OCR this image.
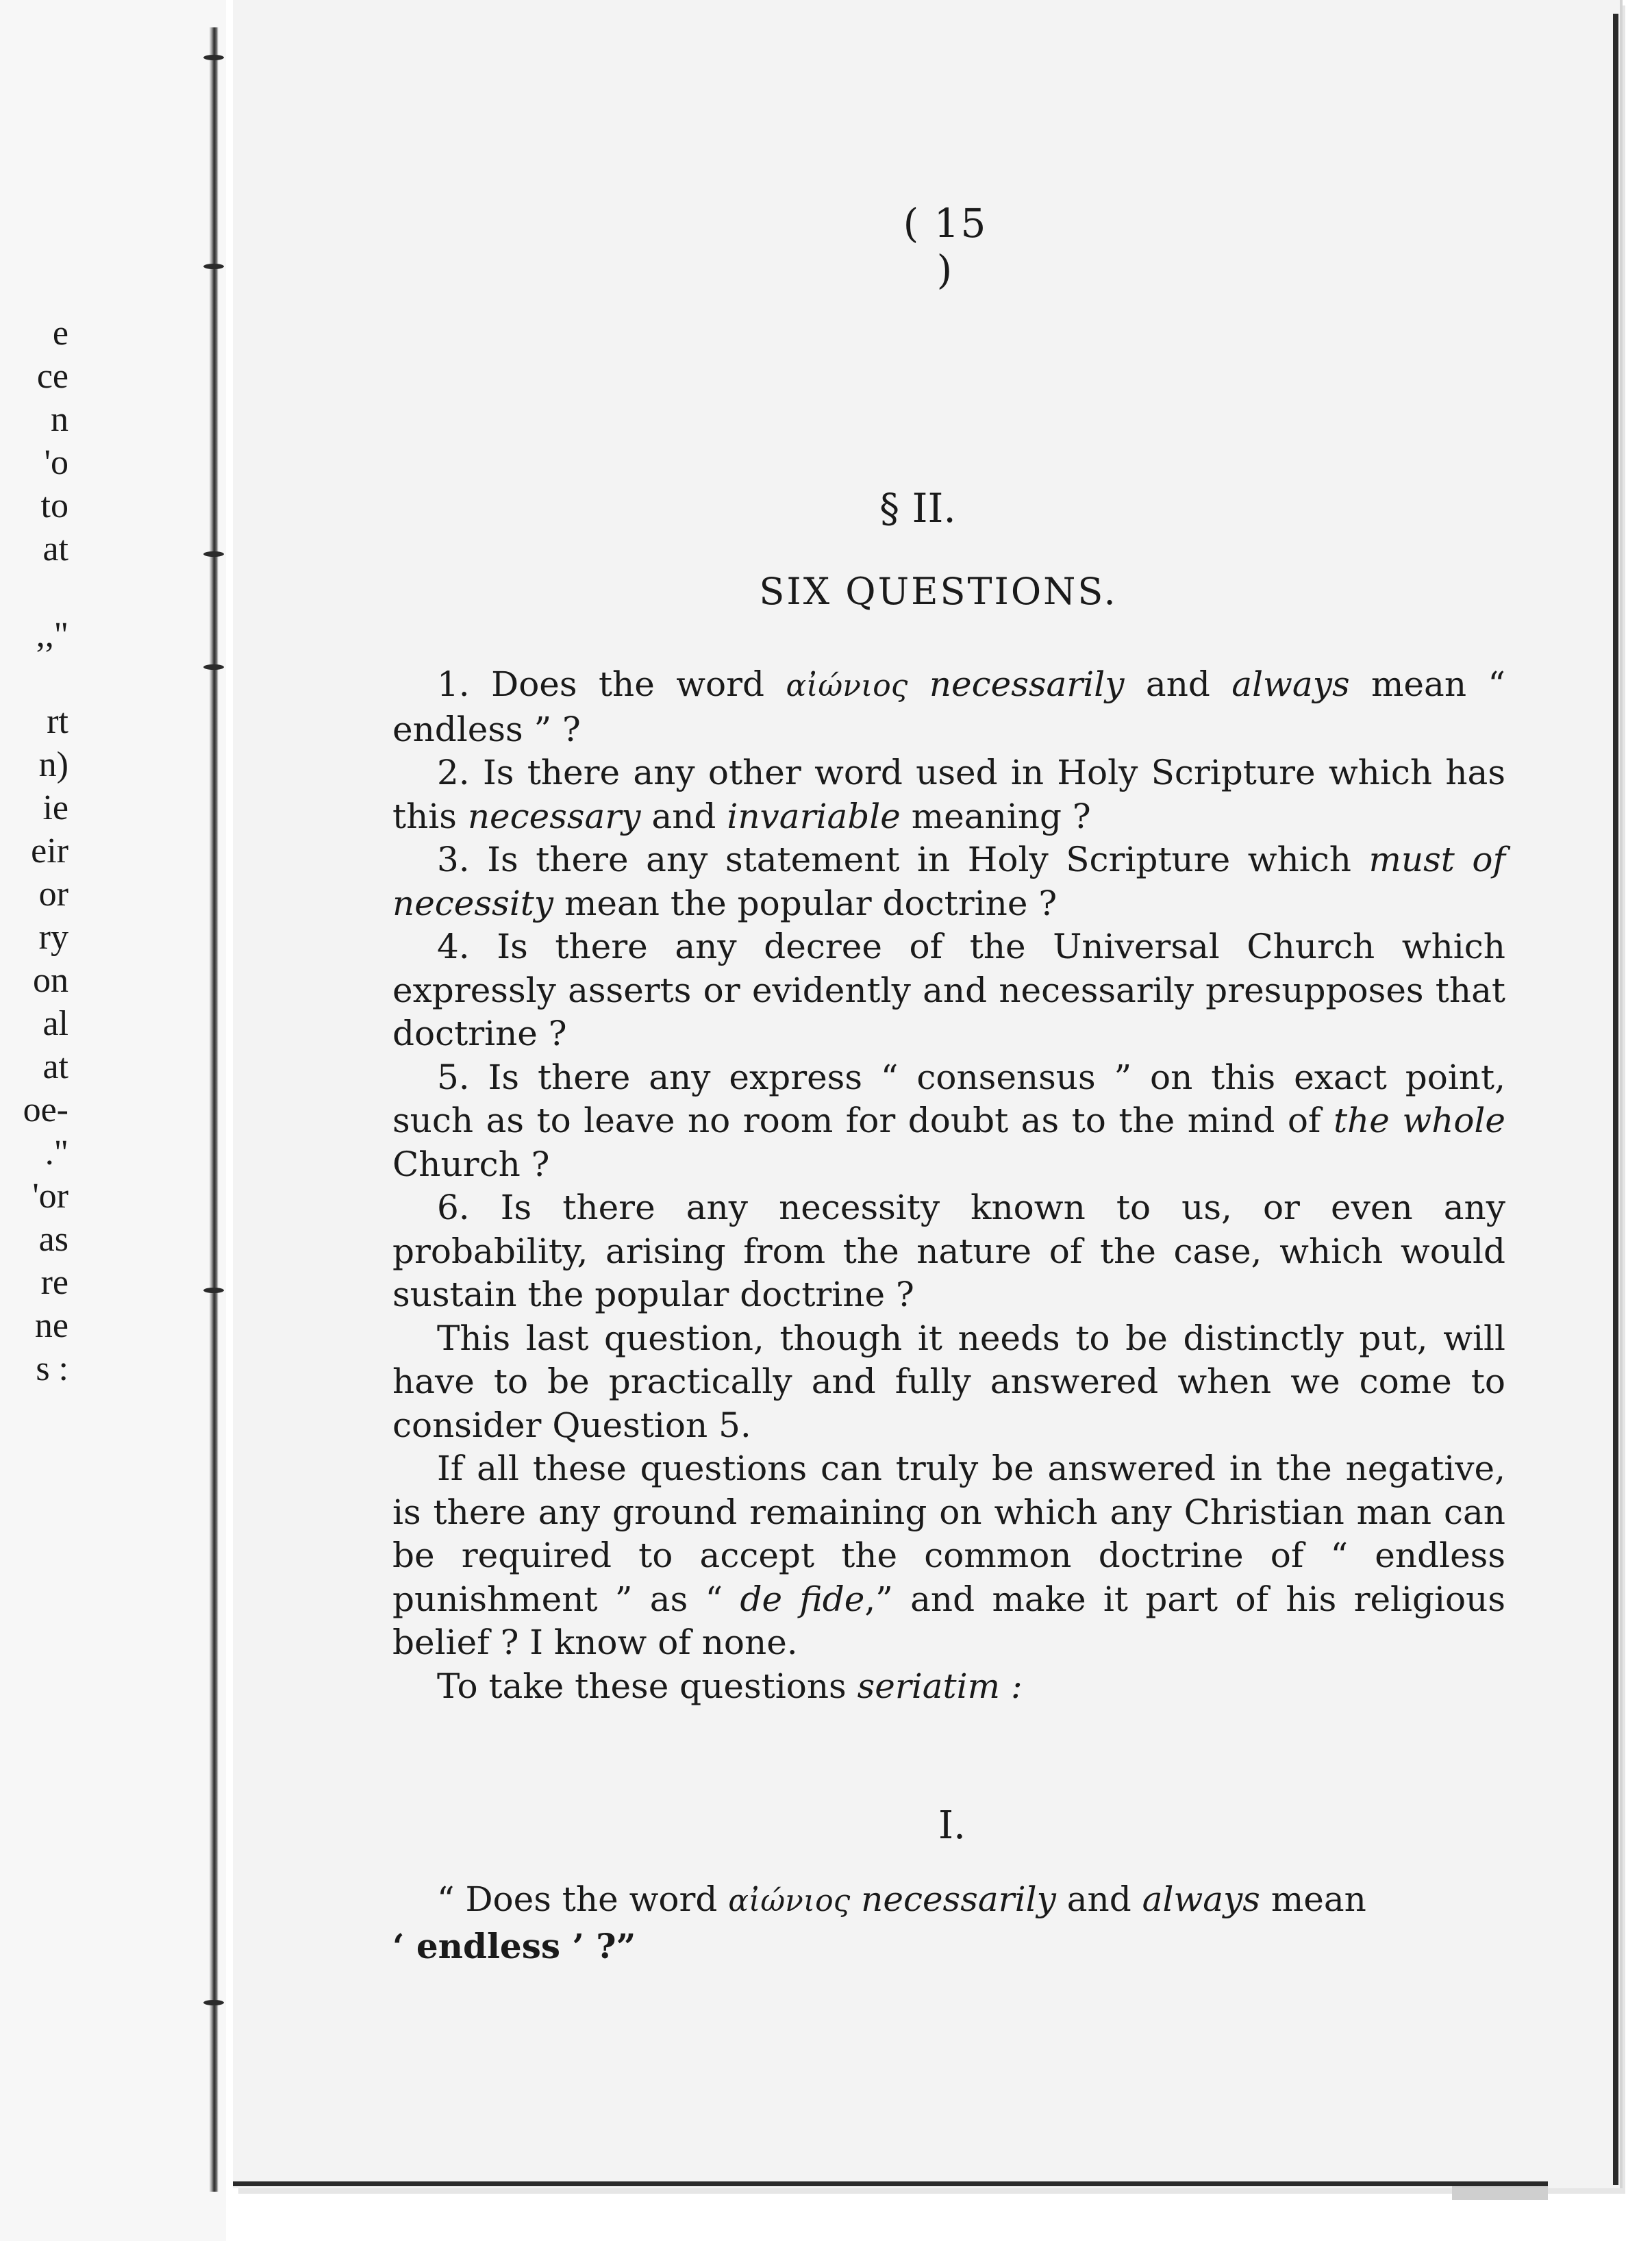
e
ce
n
'o
to
at
,,"
rt
n)
ie
eir
or
ry
on
al
at
oe-
."
'or
as
re
ne
s :
( 15 )
§ II.
SIX QUESTIONS.

1. Does the word αἰώνιος necessarily and always mean “ endless ” ?

2. Is there any other word used in Holy Scripture which has this necessary and invariable meaning ?

3. Is there any statement in Holy Scripture which must of necessity mean the popular doctrine ?

4. Is there any decree of the Universal Church which expressly asserts or evidently and necessarily presupposes that doctrine ?

5. Is there any express “ consensus ” on this exact point, such as to leave no room for doubt as to the mind of the whole Church ?

6. Is there any necessity known to us, or even any probability, arising from the nature of the case, which would sustain the popular doctrine ?

This last question, though it needs to be distinctly put, will have to be practically and fully answered when we come to consider Question 5.

If all these questions can truly be answered in the negative, is there any ground remaining on which any Christian man can be required to accept the common doctrine of “ endless punishment ” as “ de fide,” and make it part of his religious belief ? I know of none.

To take these questions seriatim :

I.

“ Does the word αἰώνιος necessarily and always mean

‘ endless ’ ?”
